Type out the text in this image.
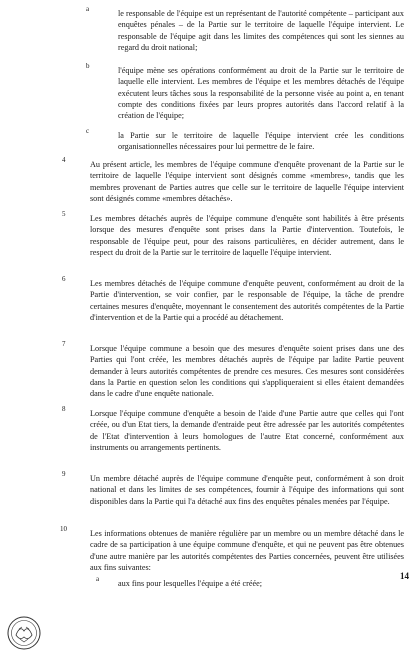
a

le responsable de l'équipe est un représentant de l'autorité compétente – participant aux enquêtes pénales – de la Partie sur le territoire de laquelle l'équipe intervient. Le responsable de l'équipe agit dans les limites des compétences qui sont les siennes au regard du droit national;

b

l'équipe mène ses opérations conformément au droit de la Partie sur le territoire de laquelle elle intervient. Les membres de l'équipe et les membres détachés de l'équipe exécutent leurs tâches sous la responsabilité de la personne visée au point a, en tenant compte des conditions fixées par leurs propres autorités dans l'accord relatif à la création de l'équipe;

c

la Partie sur le territoire de laquelle l'équipe intervient crée les conditions organisationnelles nécessaires pour lui permettre de le faire.

4

Au présent article, les membres de l'équipe commune d'enquête provenant de la Partie sur le territoire de laquelle l'équipe intervient sont désignés comme «membres», tandis que les membres provenant de Parties autres que celle sur le territoire de laquelle l'équipe intervient sont désignés comme «membres détachés».

5

Les membres détachés auprès de l'équipe commune d'enquête sont habilités à être présents lorsque des mesures d'enquête sont prises dans la Partie d'intervention. Toutefois, le responsable de l'équipe peut, pour des raisons particulières, en décider autrement, dans le respect du droit de la Partie sur le territoire de laquelle l'équipe intervient.

6

Les membres détachés de l'équipe commune d'enquête peuvent, conformément au droit de la Partie d'intervention, se voir confier, par le responsable de l'équipe, la tâche de prendre certaines mesures d'enquête, moyennant le consentement des autorités compétentes de la Partie d'intervention et de la Partie qui a procédé au détachement.

7

Lorsque l'équipe commune a besoin que des mesures d'enquête soient prises dans une des Parties qui l'ont créée, les membres détachés auprès de l'équipe par ladite Partie peuvent demander à leurs autorités compétentes de prendre ces mesures. Ces mesures sont considérées dans la Partie en question selon les conditions qui s'appliqueraient si elles étaient demandées dans le cadre d'une enquête nationale.

8

Lorsque l'équipe commune d'enquête a besoin de l'aide d'une Partie autre que celles qui l'ont créée, ou d'un Etat tiers, la demande d'entraide peut être adressée par les autorités compétentes de l'Etat d'intervention à leurs homologues de l'autre Etat concerné, conformément aux instruments ou arrangements pertinents.

9

Un membre détaché auprès de l'équipe commune d'enquête peut, conformément à son droit national et dans les limites de ses compétences, fournir à l'équipe des informations qui sont disponibles dans la Partie qui l'a détaché aux fins des enquêtes pénales menées par l'équipe.

10

Les informations obtenues de manière régulière par un membre ou un membre détaché dans le cadre de sa participation à une équipe commune d'enquête, et qui ne peuvent pas être obtenues d'une autre manière par les autorités compétentes des Parties concernées, peuvent être utilisées aux fins suivantes:

a

aux fins pour lesquelles l'équipe a été créée;

14
